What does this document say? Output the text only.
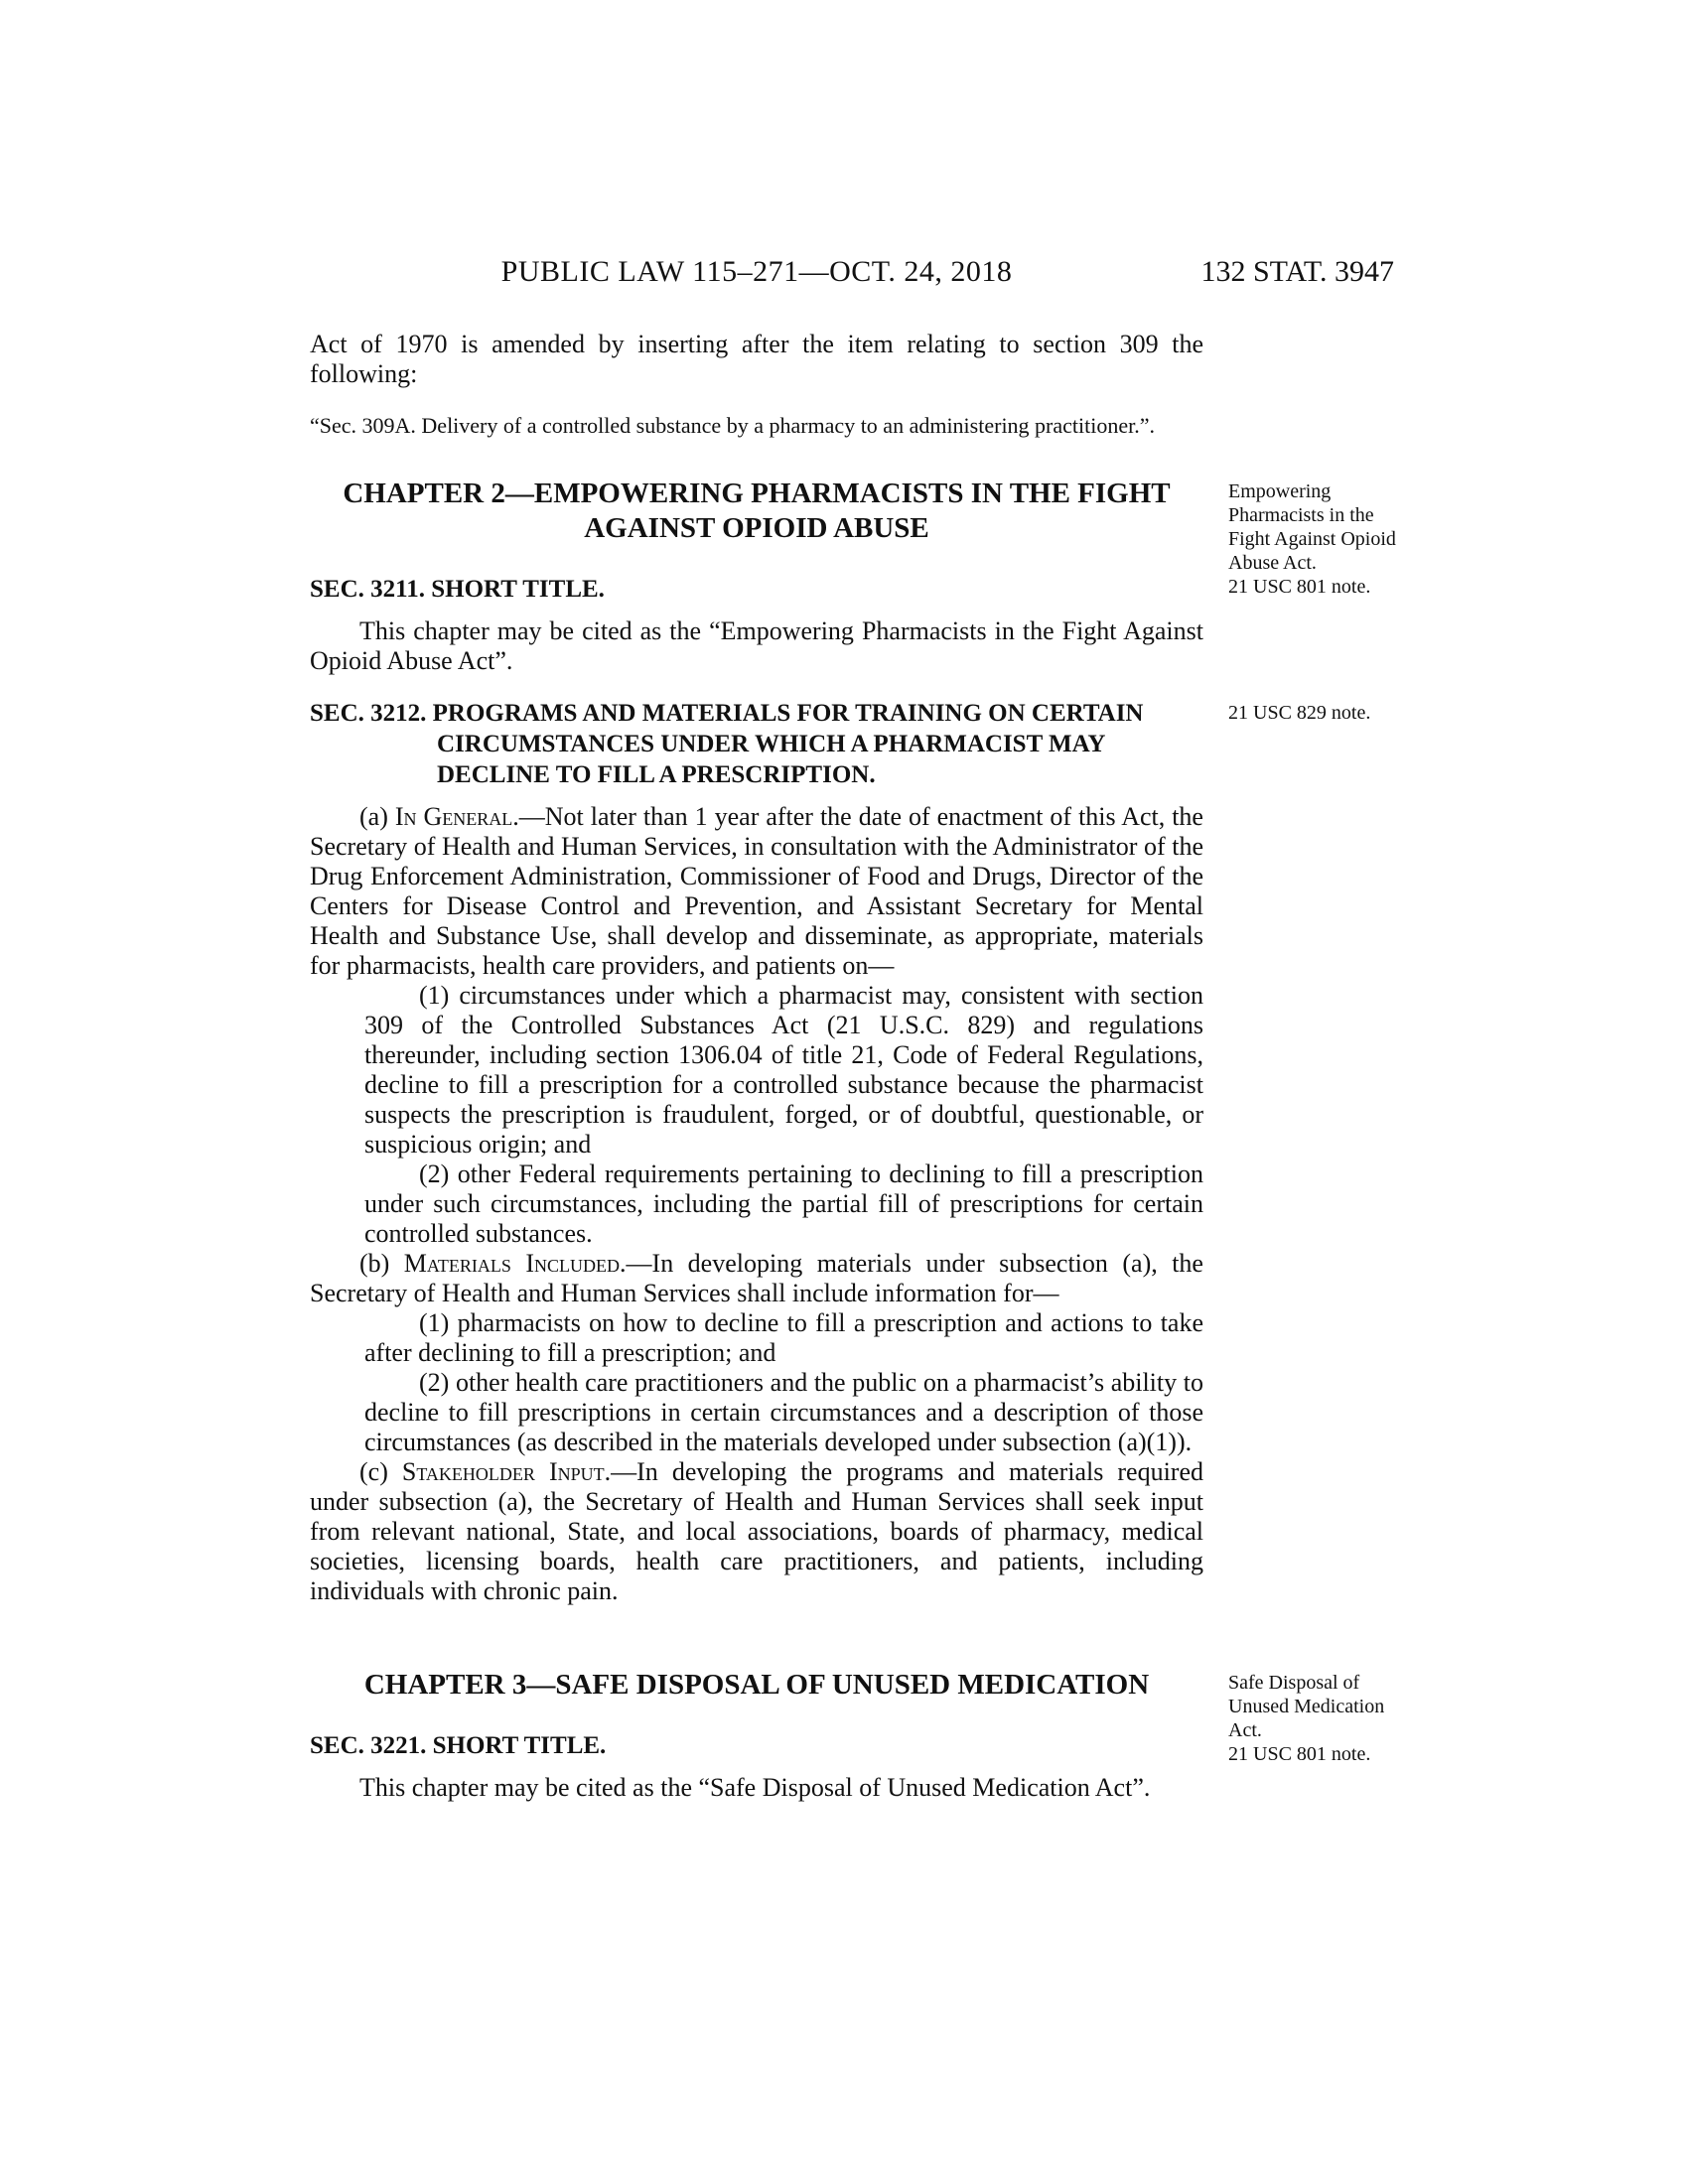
PUBLIC LAW 115–271—OCT. 24, 2018	132 STAT. 3947

Act of 1970 is amended by inserting after the item relating to section 309 the following:

“Sec. 309A. Delivery of a controlled substance by a pharmacy to an administering practitioner.”.

CHAPTER 2—EMPOWERING PHARMACISTS IN THE FIGHT AGAINST OPIOID ABUSE
Empowering Pharmacists in the Fight Against Opioid Abuse Act.
21 USC 801 note.
SEC. 3211. SHORT TITLE.

This chapter may be cited as the “Empowering Pharmacists in the Fight Against Opioid Abuse Act”.

SEC. 3212. PROGRAMS AND MATERIALS FOR TRAINING ON CERTAIN CIRCUMSTANCES UNDER WHICH A PHARMACIST MAY DECLINE TO FILL A PRESCRIPTION.
21 USC 829 note.

(a) In General.—Not later than 1 year after the date of enactment of this Act, the Secretary of Health and Human Services, in consultation with the Administrator of the Drug Enforcement Administration, Commissioner of Food and Drugs, Director of the Centers for Disease Control and Prevention, and Assistant Secretary for Mental Health and Substance Use, shall develop and disseminate, as appropriate, materials for pharmacists, health care providers, and patients on—

(1) circumstances under which a pharmacist may, consistent with section 309 of the Controlled Substances Act (21 U.S.C. 829) and regulations thereunder, including section 1306.04 of title 21, Code of Federal Regulations, decline to fill a prescription for a controlled substance because the pharmacist suspects the prescription is fraudulent, forged, or of doubtful, questionable, or suspicious origin; and

(2) other Federal requirements pertaining to declining to fill a prescription under such circumstances, including the partial fill of prescriptions for certain controlled substances.

(b) Materials Included.—In developing materials under subsection (a), the Secretary of Health and Human Services shall include information for—

(1) pharmacists on how to decline to fill a prescription and actions to take after declining to fill a prescription; and

(2) other health care practitioners and the public on a pharmacist’s ability to decline to fill prescriptions in certain circumstances and a description of those circumstances (as described in the materials developed under subsection (a)(1)).

(c) Stakeholder Input.—In developing the programs and materials required under subsection (a), the Secretary of Health and Human Services shall seek input from relevant national, State, and local associations, boards of pharmacy, medical societies, licensing boards, health care practitioners, and patients, including individuals with chronic pain.

CHAPTER 3—SAFE DISPOSAL OF UNUSED MEDICATION	Safe Disposal of Unused Medication Act.
21 USC 801 note.
SEC. 3221. SHORT TITLE.

This chapter may be cited as the “Safe Disposal of Unused Medication Act”.
